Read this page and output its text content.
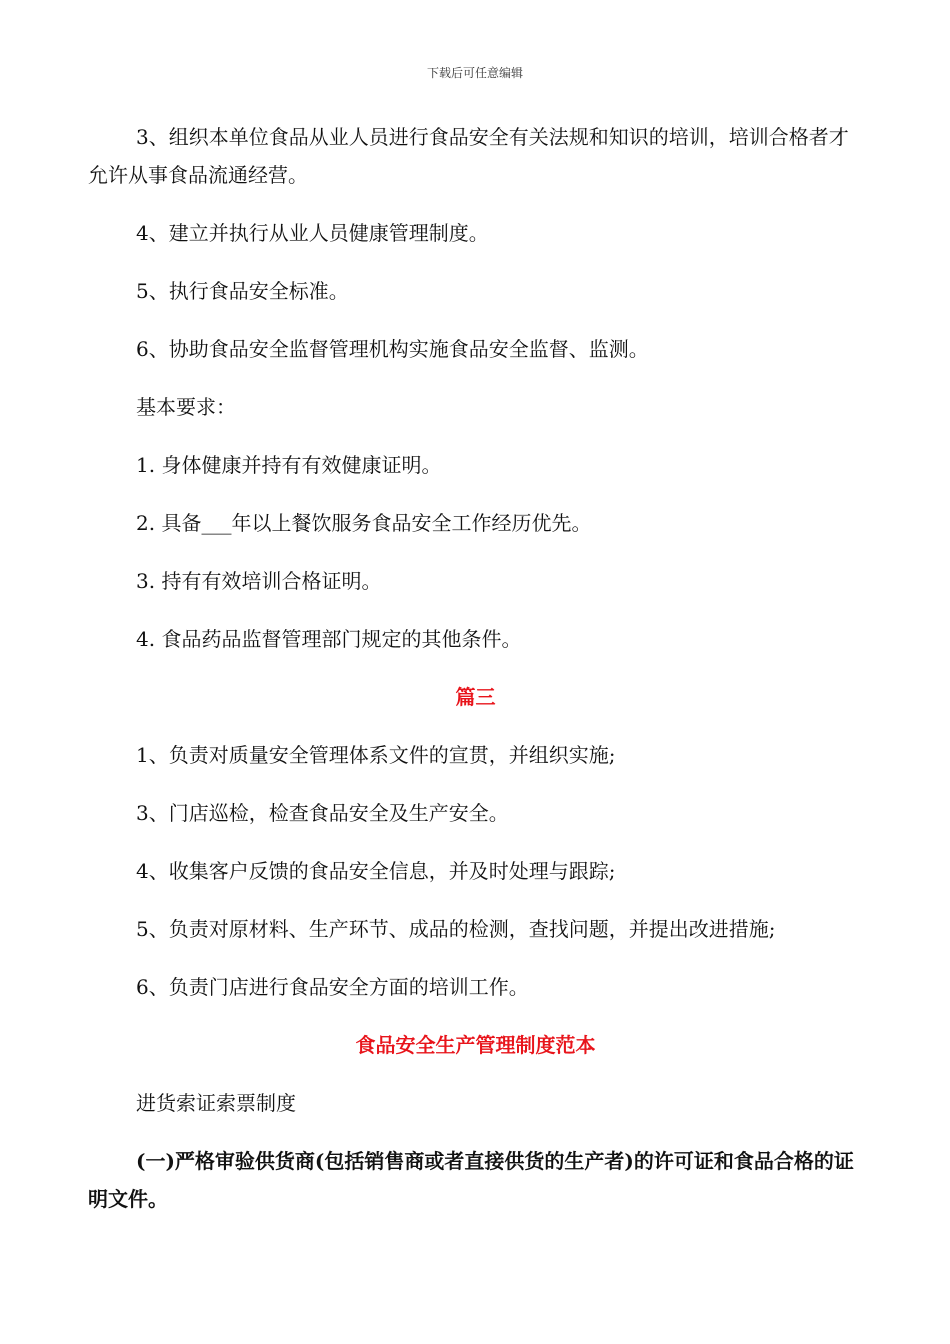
下载后可任意编辑

3、组织本单位食品从业人员进行食品安全有关法规和知识的培训，培训合格者才允许从事食品流通经营。

4、建立并执行从业人员健康管理制度。

5、执行食品安全标准。

6、协助食品安全监督管理机构实施食品安全监督、监测。

基本要求：

1. 身体健康并持有有效健康证明。

2. 具备___年以上餐饮服务食品安全工作经历优先。

3. 持有有效培训合格证明。

4. 食品药品监督管理部门规定的其他条件。

篇三

1、负责对质量安全管理体系文件的宣贯，并组织实施;

3、门店巡检，检查食品安全及生产安全。

4、收集客户反馈的食品安全信息，并及时处理与跟踪;

5、负责对原材料、生产环节、成品的检测，查找问题，并提出改进措施;

6、负责门店进行食品安全方面的培训工作。

食品安全生产管理制度范本

进货索证索票制度

(一)严格审验供货商(包括销售商或者直接供货的生产者)的许可证和食品合格的证明文件。
